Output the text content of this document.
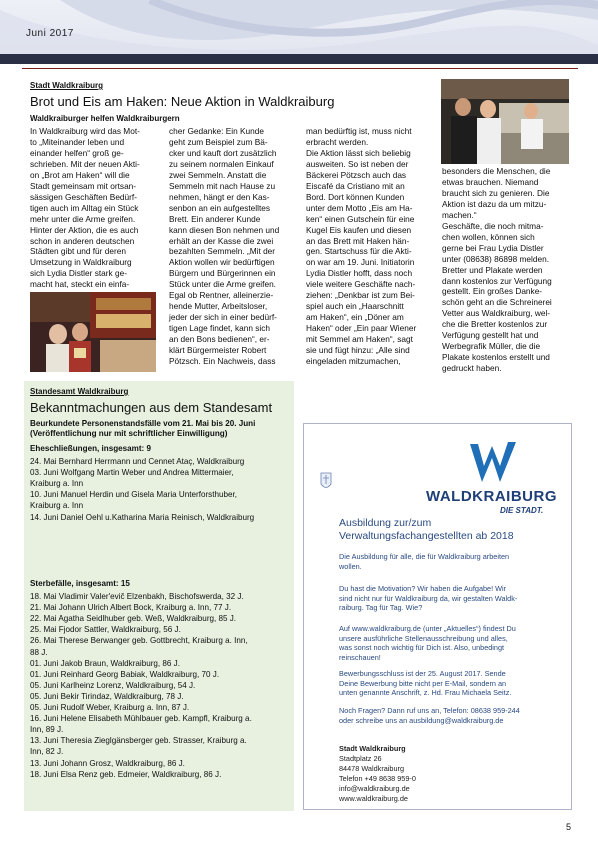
Juni 2017
Stadt Waldkraiburg
Brot und Eis am Haken: Neue Aktion in Waldkraiburg
Waldkraiburger helfen Waldkraiburgern
In Waldkraiburg wird das Mot-
to „Miteinander leben und
einander helfen“ groß ge-
schrieben. Mit der neuen Akti-
on „Brot am Haken“ will die
Stadt gemeinsam mit ortsan-
sässigen Geschäften Bedürf-
tigen auch im Alltag ein Stück
mehr unter die Arme greifen.
Hinter der Aktion, die es auch
schon in anderen deutschen
Städten gibt und für deren
Umsetzung in Waldkraiburg
sich Lydia Distler stark ge-
macht hat, steckt ein einfa-
cher Gedanke: Ein Kunde
geht zum Beispiel zum Bä-
cker und kauft dort zusätzlich
zu seinem normalen Einkauf
zwei Semmeln. Anstatt die
Semmeln mit nach Hause zu
nehmen, hängt er den Kas-
senbon an ein aufgestelltes
Brett. Ein anderer Kunde
kann diesen Bon nehmen und
erhält an der Kasse die zwei
bezahlten Semmeln. „Mit der
Aktion wollen wir bedürftigen
Bürgern und Bürgerinnen ein
Stück unter die Arme greifen.
Egal ob Rentner, alleinerzie-
hende Mutter, Arbeitsloser,
jeder der sich in einer bedürf-
tigen Lage findet, kann sich
an den Bons bedienen“, er-
klärt Bürgermeister Robert
Pötzsch. Ein Nachweis, dass
man bedürftig ist, muss nicht
erbracht werden.
Die Aktion lässt sich beliebig
ausweiten. So ist neben der
Bäckerei Pötzsch auch das
Eiscafé da Cristiano mit an
Bord. Dort können Kunden
unter dem Motto „Eis am Ha-
ken“ einen Gutschein für eine
Kugel Eis kaufen und diesen
an das Brett mit Haken hän-
gen. Startschuss für die Akti-
on war am 19. Juni. Initiatorin
Lydia Distler hofft, dass noch
viele weitere Geschäfte nach-
ziehen: „Denkbar ist zum Bei-
spiel auch ein „Haarschnitt
am Haken“, ein „Döner am
Haken“ oder „Ein paar Wiener
mit Semmel am Haken“, sagt
sie und fügt hinzu: „Alle sind
eingeladen mitzumachen,
besonders die Menschen, die
etwas brauchen. Niemand
braucht sich zu genieren. Die
Aktion ist dazu da um mitzu-
machen.“
Geschäfte, die noch mitma-
chen wollen, können sich
gerne bei Frau Lydia Distler
unter (08638) 86898 melden.
Bretter und Plakate werden
dann kostenlos zur Verfügung
gestellt. Ein großes Danke-
schön geht an die Schreinerei
Vetter aus Waldkraiburg, wel-
che die Bretter kostenlos zur
Verfügung gestellt hat und
Werbegrafik Müller, die die
Plakate kostenlos erstellt und
gedruckt haben.
Standesamt Waldkraiburg
Bekanntmachungen aus dem Standesamt
Beurkundete Personenstandsfälle vom 21. Mai bis 20. Juni
(Veröffentlichung nur mit schriftlicher Einwilligung)
Eheschließungen, insgesamt: 9
24. Mai Bernhard Herrmann und Cennet Ataç, Waldkraiburg
03. Juni Wolfgang Martin Weber und Andrea Mittermaier,
Kraiburg a. Inn
10. Juni Manuel Herdin und Gisela Maria Unterforsthuber,
Kraiburg a. Inn
14. Juni Daniel Oehl u.Katharina Maria Reinisch, Waldkraiburg
Sterbefälle, insgesamt: 15
18. Mai Vladimir Valer'evič Elzenbakh, Bischofswerda, 32 J.
21. Mai Johann Ulrich Albert Bock, Kraiburg a. Inn, 77 J.
22. Mai Agatha Seidlhuber geb. Weß, Waldkraiburg, 85 J.
25. Mai Fjodor Sattler, Waldkraiburg, 56 J.
26. Mai Therese Berwanger geb. Gottbrecht, Kraiburg a. Inn,
88 J.
01. Juni Jakob Braun, Waldkraiburg, 86 J.
01. Juni Reinhard Georg Babiak, Waldkraiburg, 70 J.
05. Juni Karlheinz Lorenz, Waldkraiburg, 54 J.
05. Juni Bekir Tirindaz, Waldkraiburg, 78 J.
05. Juni Rudolf Weber, Kraiburg a. Inn, 87 J.
16. Juni Helene Elisabeth Mühlbauer geb. Kampfl, Kraiburg a.
Inn, 89 J.
13. Juni Theresia Zieglgänsberger geb. Strasser, Kraiburg a.
Inn, 82 J.
13. Juni Johann Grosz, Waldkraiburg, 86 J.
18. Juni Elsa Renz geb. Edmeier, Waldkraiburg, 86 J.
WALDKRAIBURG
DIE STADT.
Ausbildung zur/zum
Verwaltungsfachangestellten ab 2018
Die Ausbildung für alle, die für Waldkraiburg arbeiten
wollen.
Du hast die Motivation? Wir haben die Aufgabe! Wir
sind nicht nur für Waldkraiburg da, wir gestalten Waldk-
raiburg. Tag für Tag. Wie?
Auf www.waldkraiburg.de (unter „Aktuelles“) findest Du
unsere ausführliche Stellenausschreibung und alles,
was sonst noch wichtig für Dich ist. Also, unbedingt
reinschauen!
Bewerbungsschluss ist der 25. August 2017. Sende
Deine Bewerbung bitte nicht per E-Mail, sondern an
unten genannte Anschrift, z. Hd. Frau Michaela Seitz.
Noch Fragen? Dann ruf uns an, Telefon: 08638 959-244
oder schreibe uns an ausbildung@waldkraiburg.de
Stadt Waldkraiburg
Stadtplatz 26
84478 Waldkraiburg
Telefon +49 8638 959-0
info@waldkraiburg.de
www.waldkraiburg.de
5
